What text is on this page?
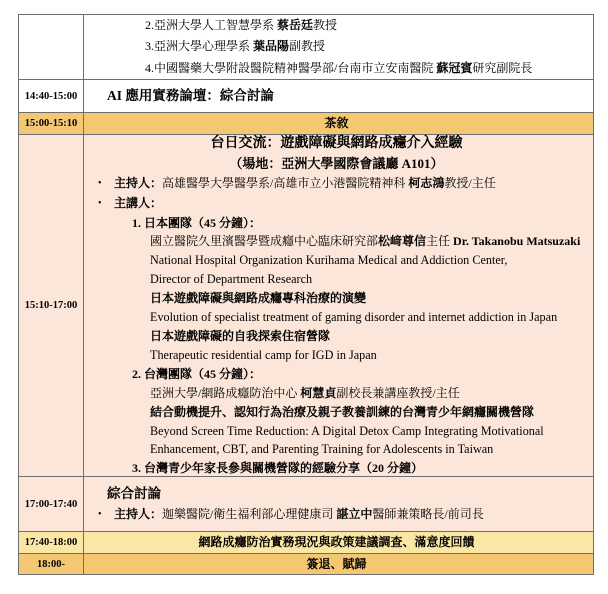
2.亞洲大學人工智慧學系 蔡岳廷教授
3.亞洲大學心理學系 葉品陽副教授
4.中國醫藥大學附設醫院精神醫學部/台南市立安南醫院 蘇冠賓研究副院長
14:40-15:00	AI 應用實務論壇：綜合討論
15:00-15:10	茶敘
15:10-17:00
台日交流：遊戲障礙與網路成癮介入經驗
（場地：亞洲大學國際會議廳 A101）
• 主持人：高雄醫學大學醫學系/高雄市立小港醫院精神科 柯志鴻教授/主任
• 主講人：
1. 日本團隊（45 分鐘）：
國立醫院久里濱醫學暨成癮中心臨床研究部松﨑尊信主任 Dr. Takanobu Matsuzaki
National Hospital Organization Kurihama Medical and Addiction Center,
Director of Department Research
日本遊戲障礙與網路成癮專科治療的演變
Evolution of specialist treatment of gaming disorder and internet addiction in Japan
日本遊戲障礙的自我探索住宿營隊
Therapeutic residential camp for IGD in Japan
2. 台灣團隊（45 分鐘）：
亞洲大學/網路成癮防治中心 柯慧貞副校長兼講座教授/主任
結合動機提升、認知行為治療及親子教養訓練的台灣青少年網癮關機營隊
Beyond Screen Time Reduction: A Digital Detox Camp Integrating Motivational
Enhancement, CBT, and Parenting Training for Adolescents in Taiwan
3. 台灣青少年家長參與關機營隊的經驗分享（20 分鐘）
17:00-17:40
綜合討論
• 主持人：迦樂醫院/衛生福利部心理健康司 諶立中醫師兼策略長/前司長
17:40-18:00	網路成癮防治實務現況與政策建議調查、滿意度回饋
18:00-	簽退、賦歸
